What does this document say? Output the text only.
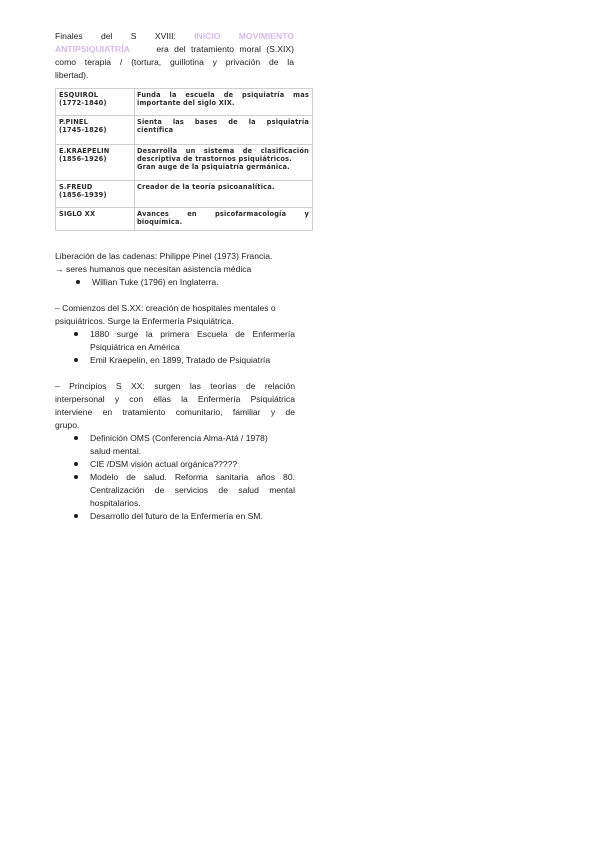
Finales del S XVIII: INICIO MOVIMIENTO
ANTIPSIQUIATRÍA	era del tratamiento moral (S.XIX)
como terapia / (tortura, guillotina y privación de la
libertad).
ESQUIROL
(1772-1840)
Funda la escuela de psiquiatría mas
importante del siglo XIX.
P.PINEL
(1745-1826)
Sienta las bases de la psiquiatría
científica
E.KRAEPELIN
(1856-1926)
Desarrolla un sistema de clasificación
descriptiva de trastornos psiquiátricos.
Gran auge de la psiquiatría germánica.
S.FREUD
(1856-1939)
Creador de la teoría psicoanalítica.
SIGLO XX	Avances en psicofarmacología y
bioquímica.
Liberación de las cadenas: Philippe Pinel (1973) Francia.
→ seres humanos que necesitan asistencia médica
Willian Tuke (1796) en Inglaterra.
– Comienzos del S.XX: creación de hospitales mentales o
psiquiátricos. Surge la Enfermería Psiquiátrica.
1880 surge la primera Escuela de Enfermería
Psiquiátrica en América
Emil Kraepelin, en 1899, Tratado de Psiquiatría
– Principios S XX: surgen las teorías de relación
interpersonal y con ellas la Enfermería Psiquiátrica
interviene en tratamiento comunitario, familiar y de
grupo.
Definición OMS (Conferencia Alma-Atá / 1978)
salud mental.
CIE /DSM visión actual orgánica?????
Modelo de salud. Reforma sanitaria años 80.
Centralización de servicios de salud mental
hospitalarios.
Desarrollo del futuro de la Enfermería en SM.
